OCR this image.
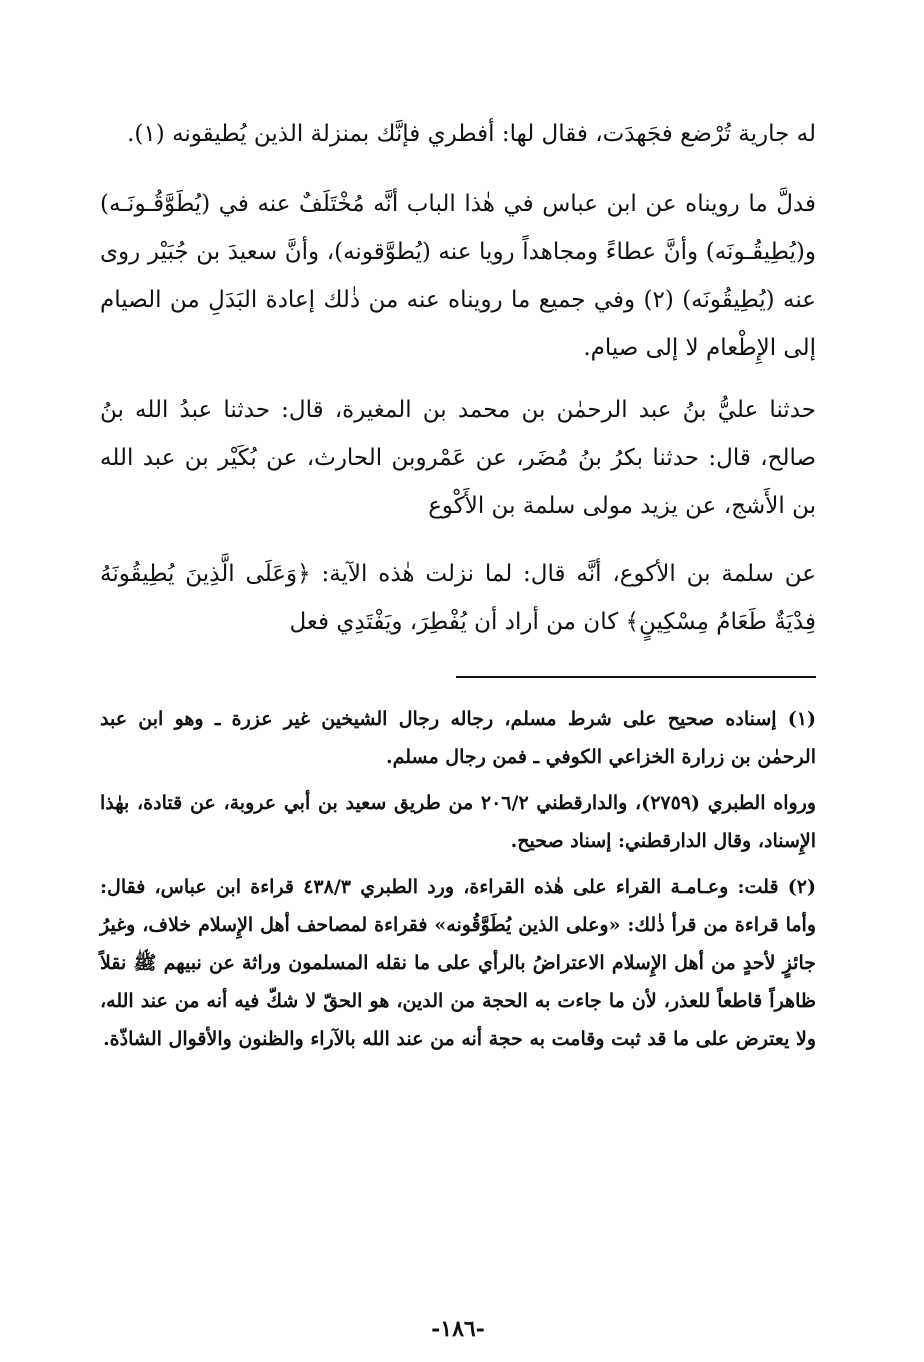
له جارية تُرْضع فجَهدَت، فقال لها: أفطري فإنَّك بمنزلة الذين يُطيقونه (١).

فدلَّ ما رويناه عن ابن عباس في هٰذا الباب أنَّه مُخْتَلَفٌ عنه في (يُطَوَّقُـونَـه) و(يُطِيقُـونَه) وأنَّ عطاءً ومجاهداً رويا عنه (يُطوَّقونه)، وأنَّ سعيدَ بن جُبَيْر روى عنه (يُطِيقُونَه) (٢) وفي جميع ما رويناه عنه من ذٰلك إعادة البَدَلِ من الصيام إلى الإِطْعام لا إلى صيام.

حدثنا عليُّ بنُ عبد الرحمٰن بن محمد بن المغيرة، قال: حدثنا عبدُ الله بنُ صالح، قال: حدثنا بكرُ بنُ مُضَر، عن عَمْروبن الحارث، عن بُكَيْر بن عبد الله بن الأَشج، عن يزيد مولى سلمة بن الأَكْوع

عن سلمة بن الأكوع، أنَّه قال: لما نزلت هٰذه الآية: ﴿وَعَلَى الَّذِينَ يُطِيقُونَهُ فِدْيَةٌ طَعَامُ مِسْكِينٍ﴾ كان من أراد أن يُفْطِرَ، ويَفْتَدِي فعل

(١) إسناده صحيح على شرط مسلم، رجاله رجال الشيخين غير عزرة ـ وهو ابن عبد الرحمٰن بن زرارة الخزاعي الكوفي ـ فمن رجال مسلم.

ورواه الطبري (٢٧٥٩)، والدارقطني ٢٠٦/٢ من طريق سعيد بن أبي عروبة، عن قتادة، بهٰذا الإِسناد، وقال الدارقطني: إسناد صحيح.

(٢) قلت: وعـامـة القراء على هٰذه القراءة، ورد الطبري ٤٣٨/٣ قراءة ابن عباس، فقال: وأما قراءة من قرأ ذٰلك: «وعلى الذين يُطَوَّقُونه» فقراءة لمصاحف أهل الإِسلام خلاف، وغيرُ جائزٍ لأحدٍ من أهل الإِسلام الاعتراضُ بالرأي على ما نقله المسلمون وراثة عن نبيهم ﷺ نقلاً ظاهراً قاطعاً للعذر، لأن ما جاءت به الحجة من الدين، هو الحقّ لا شكّ فيه أنه من عند الله، ولا يعترض على ما قد ثبت وقامت به حجة أنه من عند الله بالآراء والظنون والأقوال الشاذّة.

-١٨٦-
